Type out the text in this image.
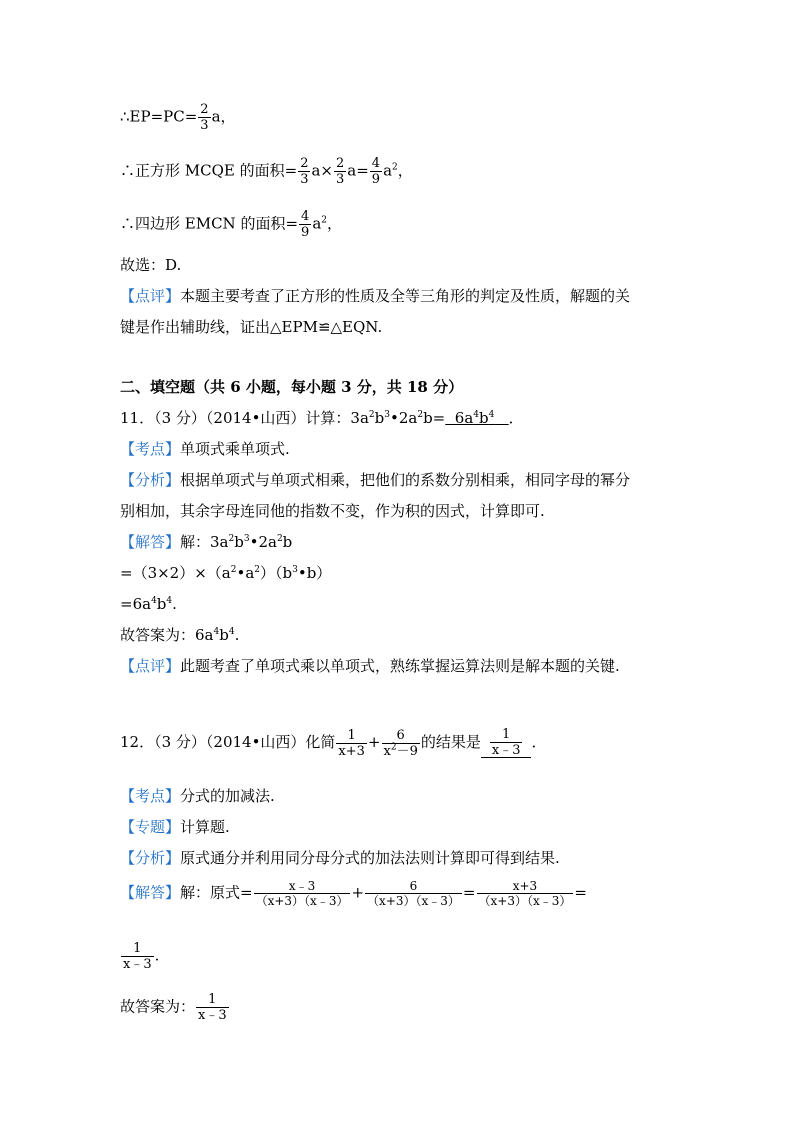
∴EP=PC= $\frac{2}{3}$ a，
∴正方形 MCQE 的面积= $\frac{2}{3} a\times \frac{2}{3} a= \frac{4}{9} a^2$，
∴四边形 EMCN 的面积= $\frac{4}{9} a^2$，
故选：D.
【点评】本题主要考查了正方形的性质及全等三角形的判定及性质，解题的关
键是作出辅助线，证出△EPM≌△EQN.
二、填空题（共 6 小题，每小题 3 分，共 18 分）
11．（3 分）（2014•山西）计算：$3a^2b^3•2a^2b= 6a^4b^4$ ．
【考点】单项式乘单项式.
【分析】根据单项式与单项式相乘，把他们的系数分别相乘，相同字母的幂分
别相加，其余字母连同他的指数不变，作为积的因式，计算即可.
【解答】解：$3a^2b^3•2a^2b$
$=(3\times 2)\times(a^2•a^2)(b^3•b)$
$=6a^4b^4$.
故答案为：$6a^4b^4$.
【点评】此题考查了单项式乘以单项式，熟练掌握运算法则是解本题的关键.
12．（3 分）（2014•山西）化简 $\frac{1}{x+3} + \frac{6}{x^2-9}$ 的结果是 $\frac{1}{x﹣3}$ ．
【考点】分式的加减法.
【专题】计算题.
【分析】原式通分并利用同分母分式的加法法则计算即可得到结果.
【解答】解：原式= $\frac{x﹣3}{(x+3)(x﹣3)} + \frac{6}{(x+3)(x﹣3)} = \frac{x+3}{(x+3)(x﹣3)}$ =
$\frac{1}{x﹣3}$ .
故答案为： $\frac{1}{x﹣3}$
